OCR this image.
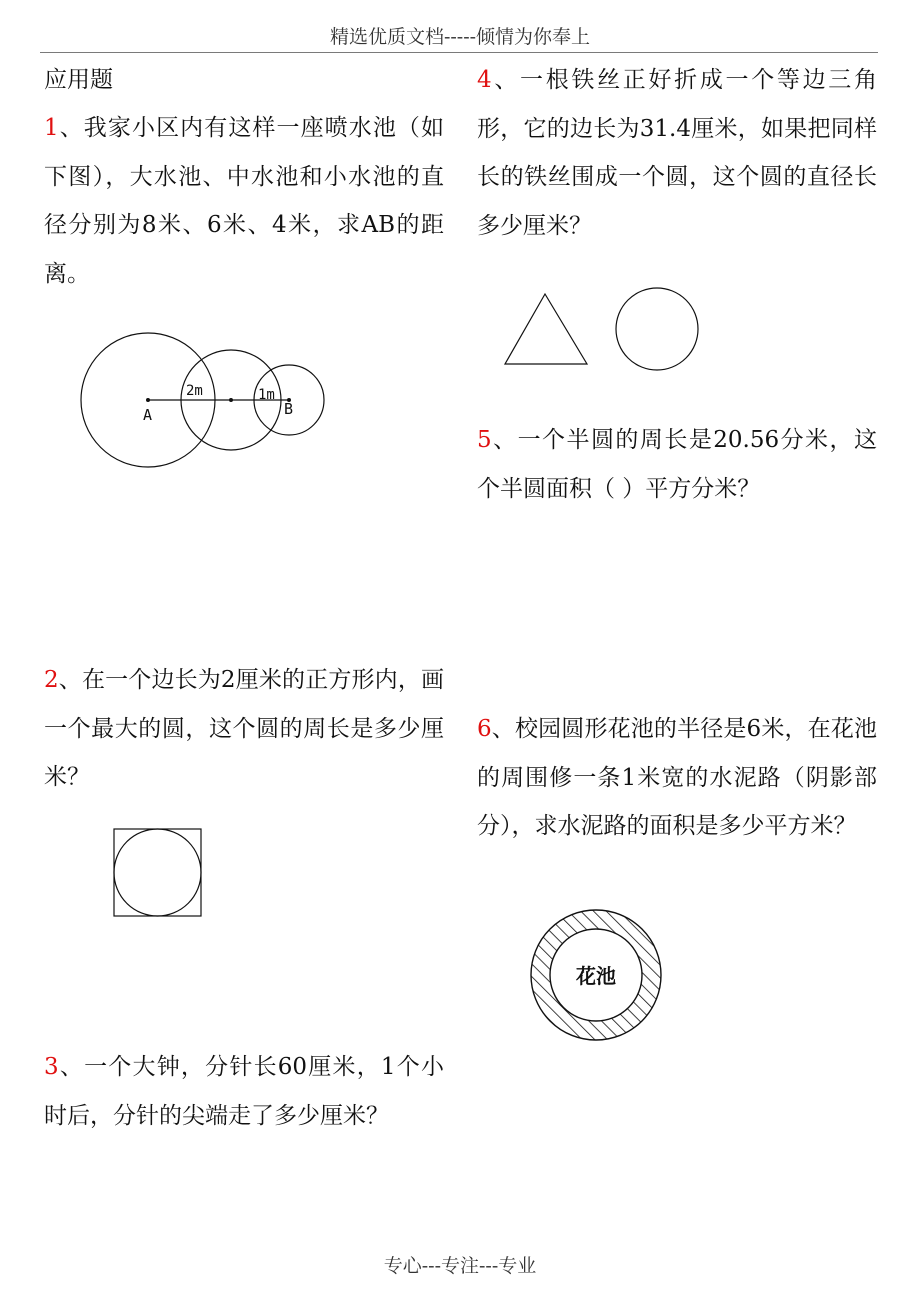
精选优质文档-----倾情为你奉上

应用题

1、我家小区内有这样一座喷水池（如下图），大水池、中水池和小水池的直径分别为8米、6米、4米，求AB的距离。

A	B
2m	1m

2、在一个边长为2厘米的正方形内，画一个最大的圆，这个圆的周长是多少厘米？

3、一个大钟，分针长60厘米，1个小时后，分针的尖端走了多少厘米？

4、一根铁丝正好折成一个等边三角形，它的边长为31.4厘米，如果把同样长的铁丝围成一个圆，这个圆的直径长多少厘米？

5、一个半圆的周长是20.56分米，这个半圆面积（ ）平方分米？

6、校园圆形花池的半径是6米，在花池的周围修一条1米宽的水泥路（阴影部分），求水泥路的面积是多少平方米？

花池
专心---专注---专业
